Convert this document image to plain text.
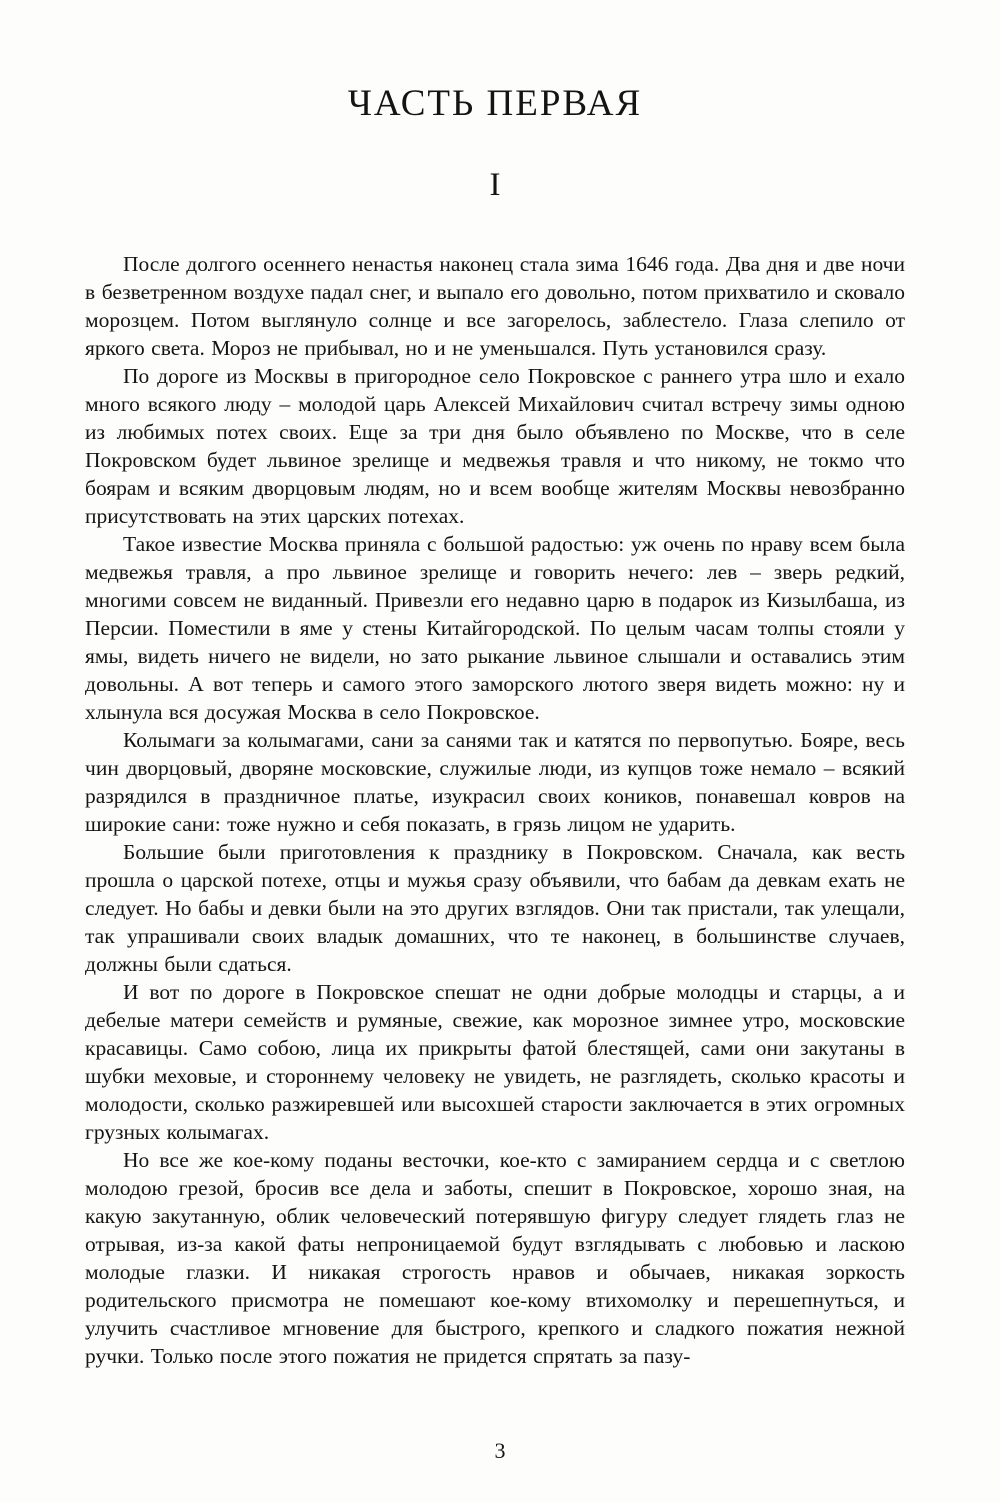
ЧАСТЬ ПЕРВАЯ
I

После долгого осеннего ненастья наконец стала зима 1646 года. Два дня и две ночи в безветренном воздухе падал снег, и выпало его довольно, потом прихватило и сковало морозцем. Потом выглянуло солнце и все загорелось, заблестело. Глаза слепило от яркого света. Мороз не прибывал, но и не уменьшался. Путь установился сразу.

По дороге из Москвы в пригородное село Покровское с раннего утра шло и ехало много всякого люду – молодой царь Алексей Михайлович считал встречу зимы одною из любимых потех своих. Еще за три дня было объявлено по Москве, что в селе Покровском будет львиное зрелище и медвежья травля и что никому, не токмо что боярам и всяким дворцовым людям, но и всем вообще жителям Москвы невозбранно присутствовать на этих царских потехах.

Такое известие Москва приняла с большой радостью: уж очень по нраву всем была медвежья травля, а про львиное зрелище и говорить нечего: лев – зверь редкий, многими совсем не виданный. Привезли его недавно царю в подарок из Кизылбаша, из Персии. Поместили в яме у стены Китайгородской. По целым часам толпы стояли у ямы, видеть ничего не видели, но зато рыкание львиное слышали и оставались этим довольны. А вот теперь и самого этого заморского лютого зверя видеть можно: ну и хлынула вся досужая Москва в село Покровское.

Колымаги за колымагами, сани за санями так и катятся по первопутью. Бояре, весь чин дворцовый, дворяне московские, служилые люди, из купцов тоже немало – всякий разрядился в праздничное платье, изукрасил своих коников, понавешал ковров на широкие сани: тоже нужно и себя показать, в грязь лицом не ударить.

Большие были приготовления к празднику в Покровском. Сначала, как весть прошла о царской потехе, отцы и мужья сразу объявили, что бабам да девкам ехать не следует. Но бабы и девки были на это других взглядов. Они так пристали, так улещали, так упрашивали своих владык домашних, что те наконец, в большинстве случаев, должны были сдаться.

И вот по дороге в Покровское спешат не одни добрые молодцы и старцы, а и дебелые матери семейств и румяные, свежие, как морозное зимнее утро, московские красавицы. Само собою, лица их прикрыты фатой блестящей, сами они закутаны в шубки меховые, и стороннему человеку не увидеть, не разглядеть, сколько красоты и молодости, сколько разжиревшей или высохшей старости заключается в этих огромных грузных колымагах.

Но все же кое-кому поданы весточки, кое-кто с замиранием сердца и с светлою молодою грезой, бросив все дела и заботы, спешит в Покровское, хорошо зная, на какую закутанную, облик человеческий потерявшую фигуру следует глядеть глаз не отрывая, из-за какой фаты непроницаемой будут взглядывать с любовью и ласкою молодые глазки. И никакая строгость нравов и обычаев, никакая зоркость родительского присмотра не помешают кое-кому втихомолку и перешепнуться, и улучить счастливое мгновение для быстрого, крепкого и сладкого пожатия нежной ручки. Только после этого пожатия не придется спрятать за пазу-

3
